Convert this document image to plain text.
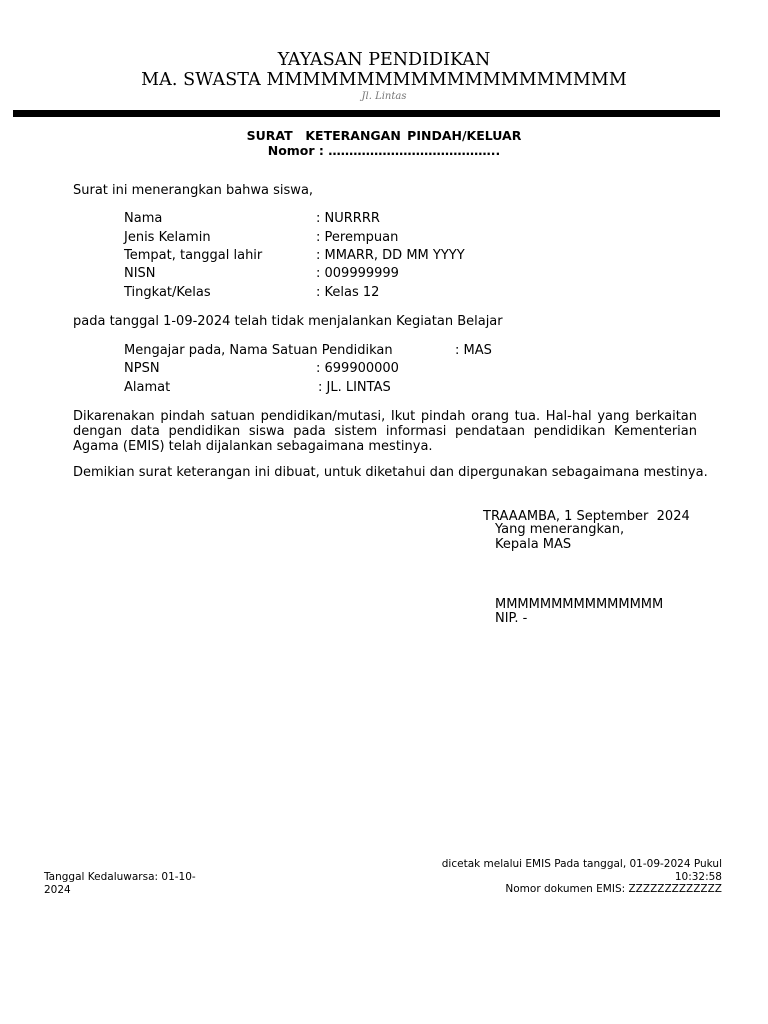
YAYASAN PENDIDIKAN
MA. SWASTA MMMMMMMMMMMMMMMMMMMM
Jl. Lintas
SURAT  KETERANGAN PINDAH/KELUAR
Nomor : …………………………………..
Surat ini menerangkan bahwa siswa,
Nama	: NURRRR
Jenis Kelamin	: Perempuan
Tempat, tanggal lahir	: MMARR, DD MM YYYY
NISN	: 009999999
Tingkat/Kelas	: Kelas 12
pada tanggal 1-09-2024 telah tidak menjalankan Kegiatan Belajar
Mengajar pada, Nama Satuan Pendidikan	: MAS
NPSN	: 699900000
Alamat	: JL. LINTAS
Dikarenakan pindah satuan pendidikan/mutasi, Ikut pindah orang tua. Hal-hal yang berkaitan dengan data pendidikan siswa pada sistem informasi pendataan pendidikan Kementerian Agama (EMIS) telah dijalankan sebagaimana mestinya.
Demikian surat keterangan ini dibuat, untuk diketahui dan dipergunakan sebagaimana mestinya.
TRAAAMBA, 1 September  2024
Yang menerangkan,
Kepala MAS
MMMMMMMMMMMMMMM
NIP. -
Tanggal Kedaluwarsa: 01-10-2024
dicetak melalui EMIS Pada tanggal, 01-09-2024 Pukul
10:32:58
Nomor dokumen EMIS: ZZZZZZZZZZZZZ
